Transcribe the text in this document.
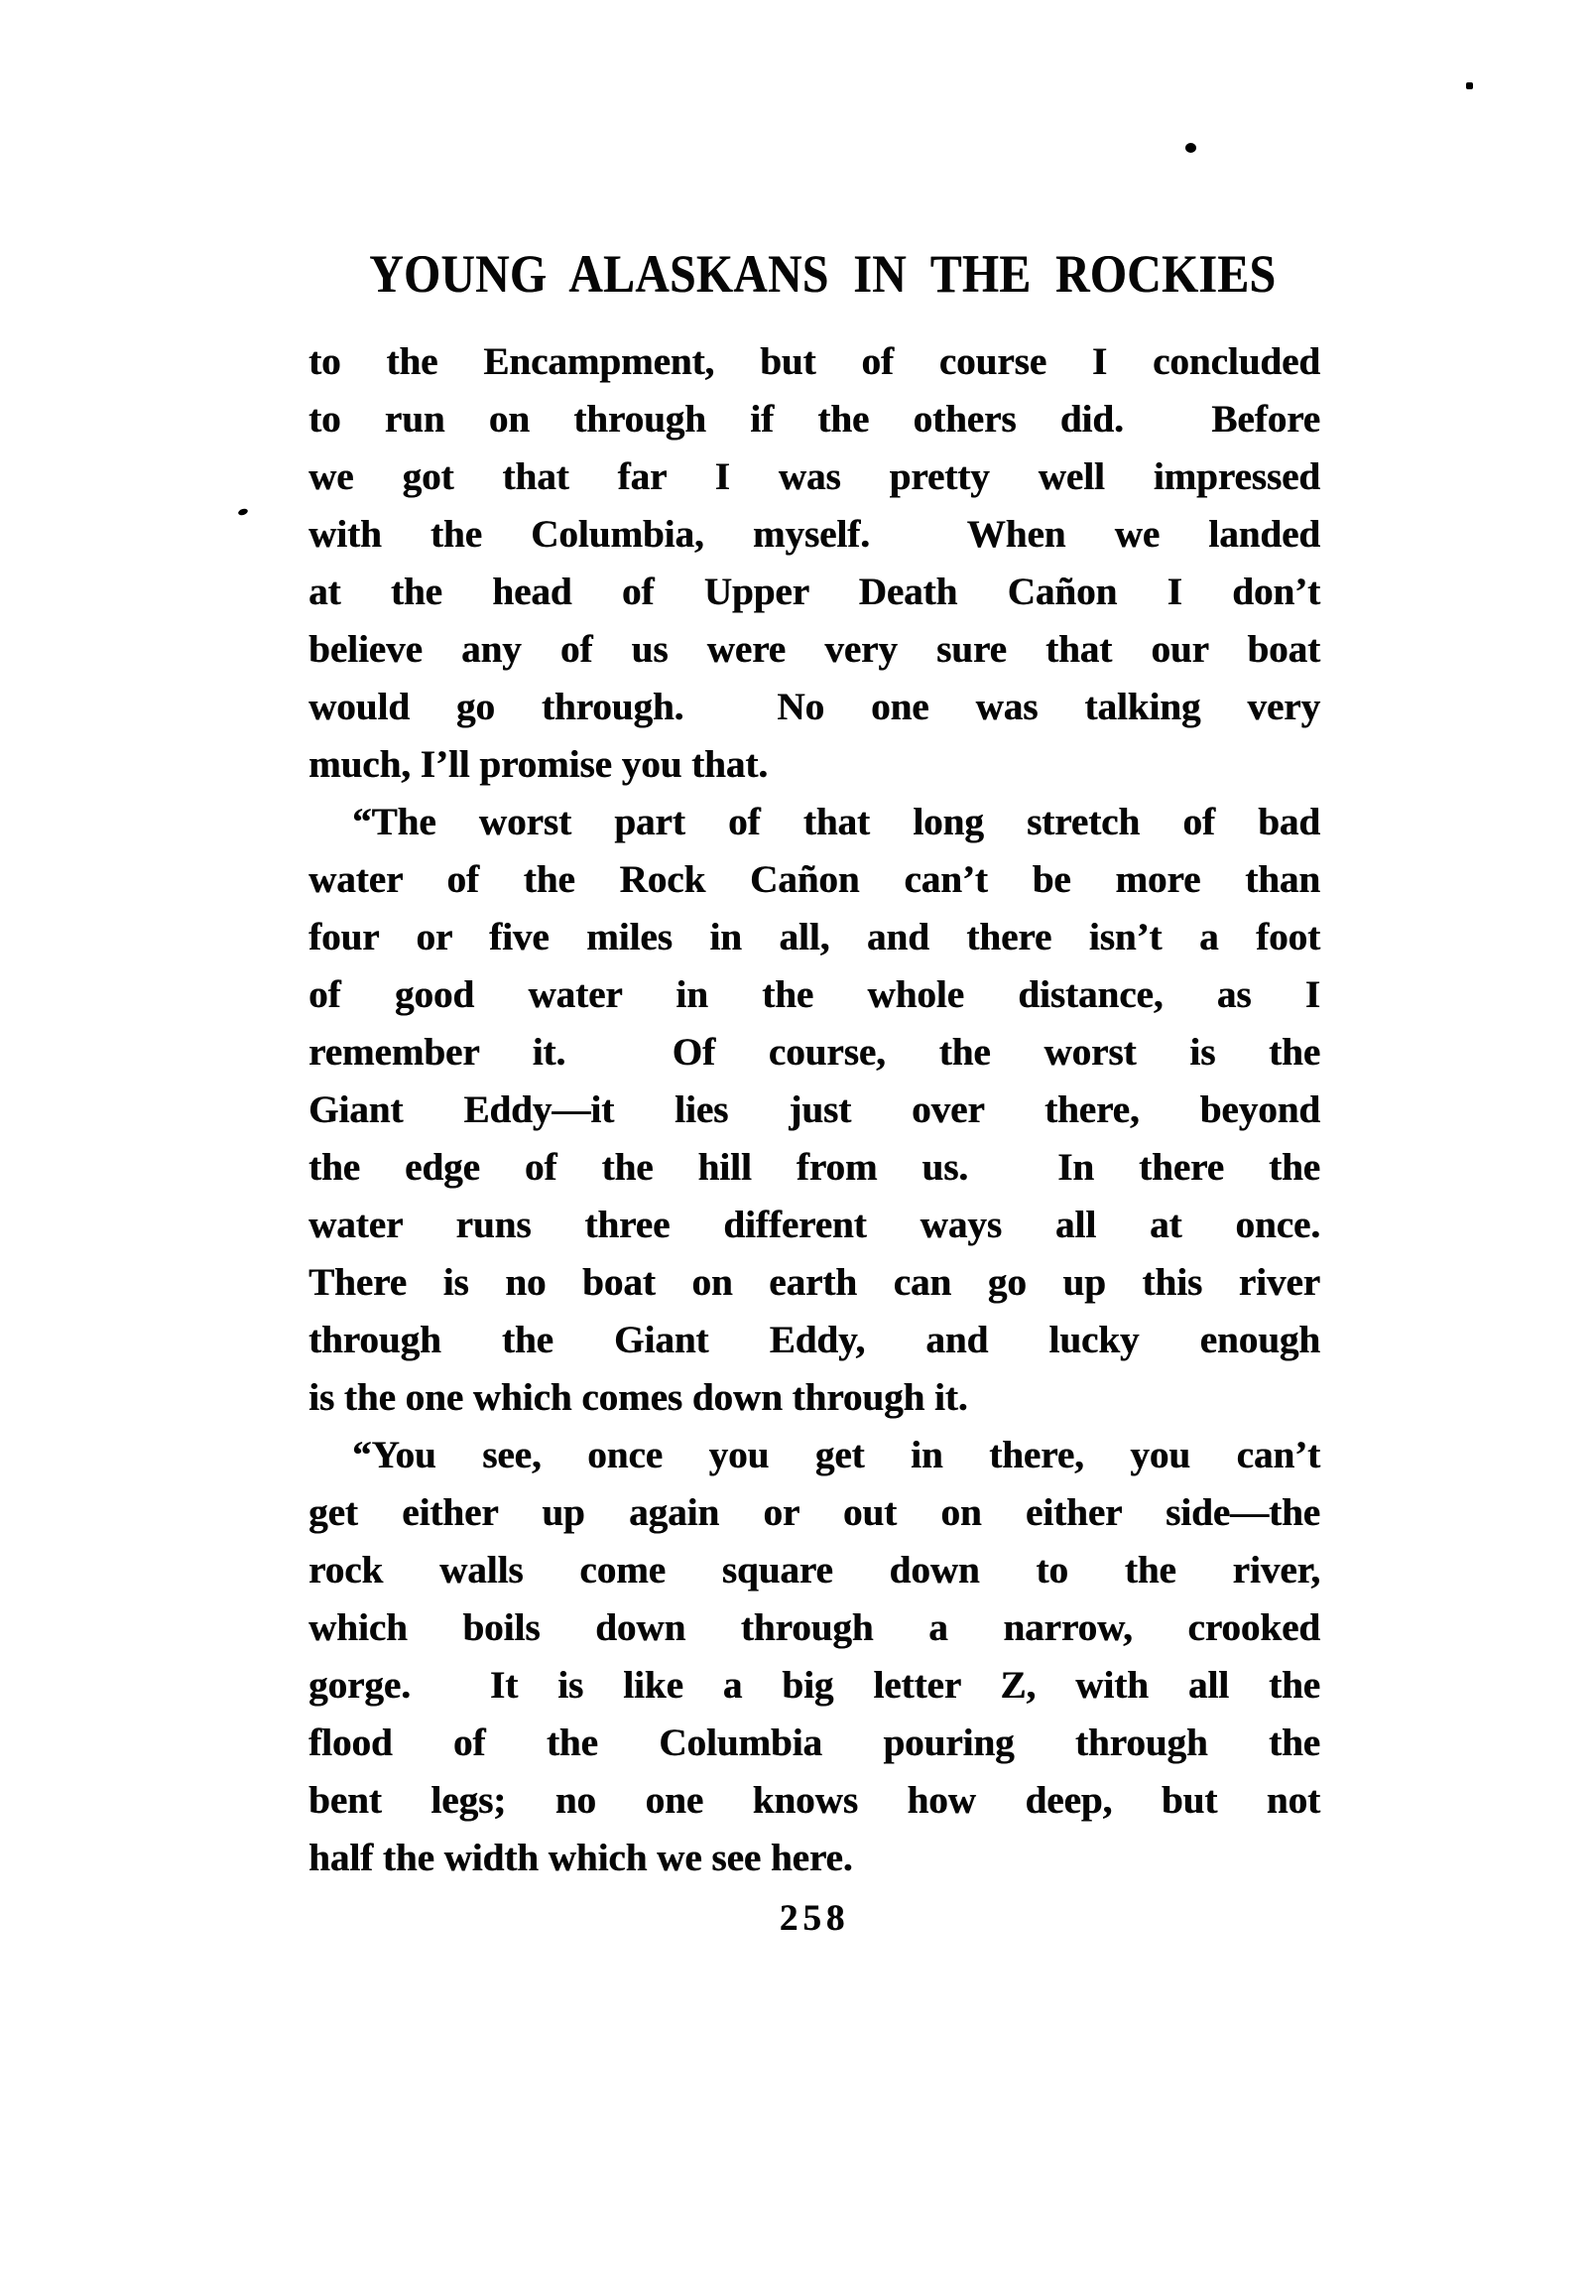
YOUNG ALASKANS IN THE ROCKIES
to the Encampment, but of course I concluded
to run on through if the others did.  Before
we got that far I was pretty well impressed
with the Columbia, myself.  When we landed
at the head of Upper Death Cañon I don’t
believe any of us were very sure that our boat
would go through.  No one was talking very
much, I’ll promise you that.
“The worst part of that long stretch of bad
water of the Rock Cañon can’t be more than
four or five miles in all, and there isn’t a foot
of good water in the whole distance, as I
remember it.  Of course, the worst is the
Giant Eddy—it lies just over there, beyond
the edge of the hill from us.  In there the
water runs three different ways all at once.
There is no boat on earth can go up this river
through the Giant Eddy, and lucky enough
is the one which comes down through it.
“You see, once you get in there, you can’t
get either up again or out on either side—the
rock walls come square down to the river,
which boils down through a narrow, crooked
gorge.  It is like a big letter Z, with all the
flood of the Columbia pouring through the
bent legs; no one knows how deep, but not
half the width which we see here.
258
